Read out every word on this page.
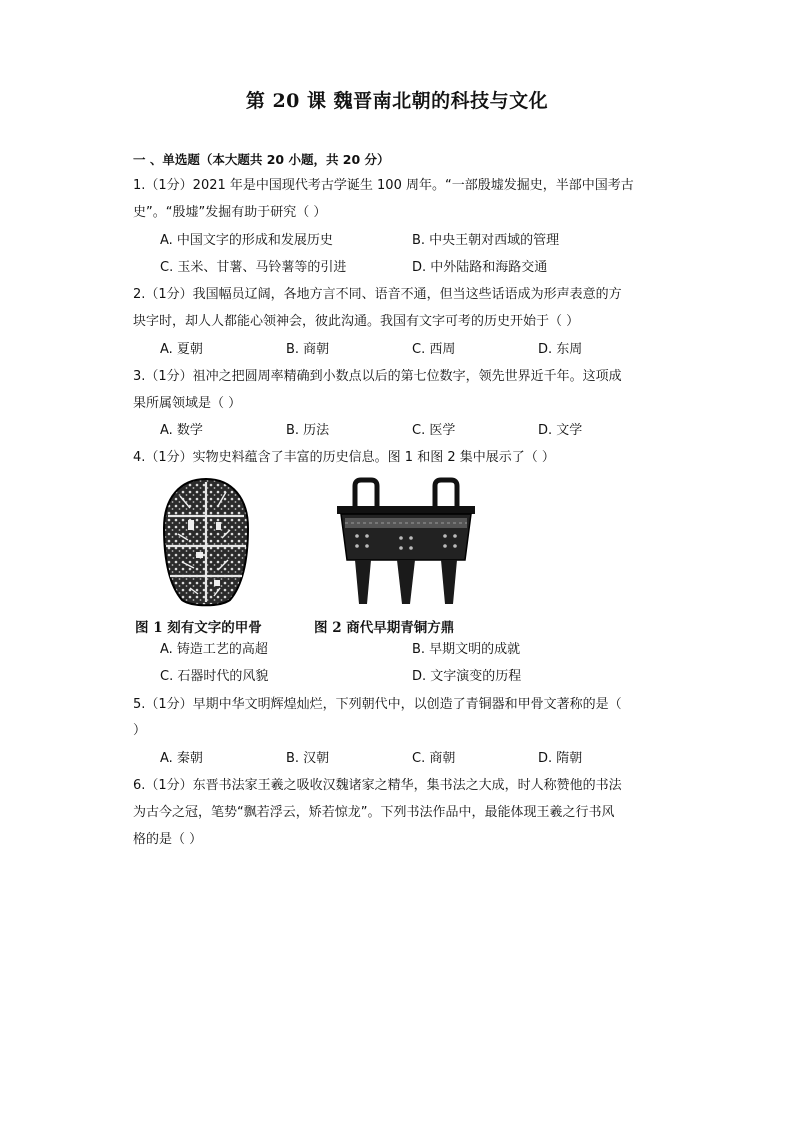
第 20 课 魏晋南北朝的科技与文化
一 、单选题（本大题共 20 小题，共 20 分）
1.（1分）2021 年是中国现代考古学诞生 100 周年。“一部殷墟发掘史，半部中国考古
史”。“殷墟”发掘有助于研究（ ）
A. 中国文字的形成和发展历史	B. 中央王朝对西域的管理
C. 玉米、甘薯、马铃薯等的引进	D. 中外陆路和海路交通
2.（1分）我国幅员辽阔，各地方言不同、语音不通，但当这些话语成为形声表意的方
块字时，却人人都能心领神会，彼此沟通。我国有文字可考的历史开始于（ ）
A. 夏朝	B. 商朝	C. 西周	D. 东周
3.（1分）祖冲之把圆周率精确到小数点以后的第七位数字，领先世界近千年。这项成
果所属领域是（ ）
A. 数学	B. 历法	C. 医学	D. 文学
4.（1分）实物史料蕴含了丰富的历史信息。图 1 和图 2 集中展示了（ ）
图 1 刻有文字的甲骨	图 2 商代早期青铜方鼎
A. 铸造工艺的高超	B. 早期文明的成就
C. 石器时代的风貌	D. 文字演变的历程
5.（1分）早期中华文明辉煌灿烂，下列朝代中，以创造了青铜器和甲骨文著称的是（
）
A. 秦朝	B. 汉朝	C. 商朝	D. 隋朝
6.（1分）东晋书法家王羲之吸收汉魏诸家之精华，集书法之大成，时人称赞他的书法
为古今之冠，笔势“飘若浮云，矫若惊龙”。下列书法作品中，最能体现王羲之行书风
格的是（ ）
